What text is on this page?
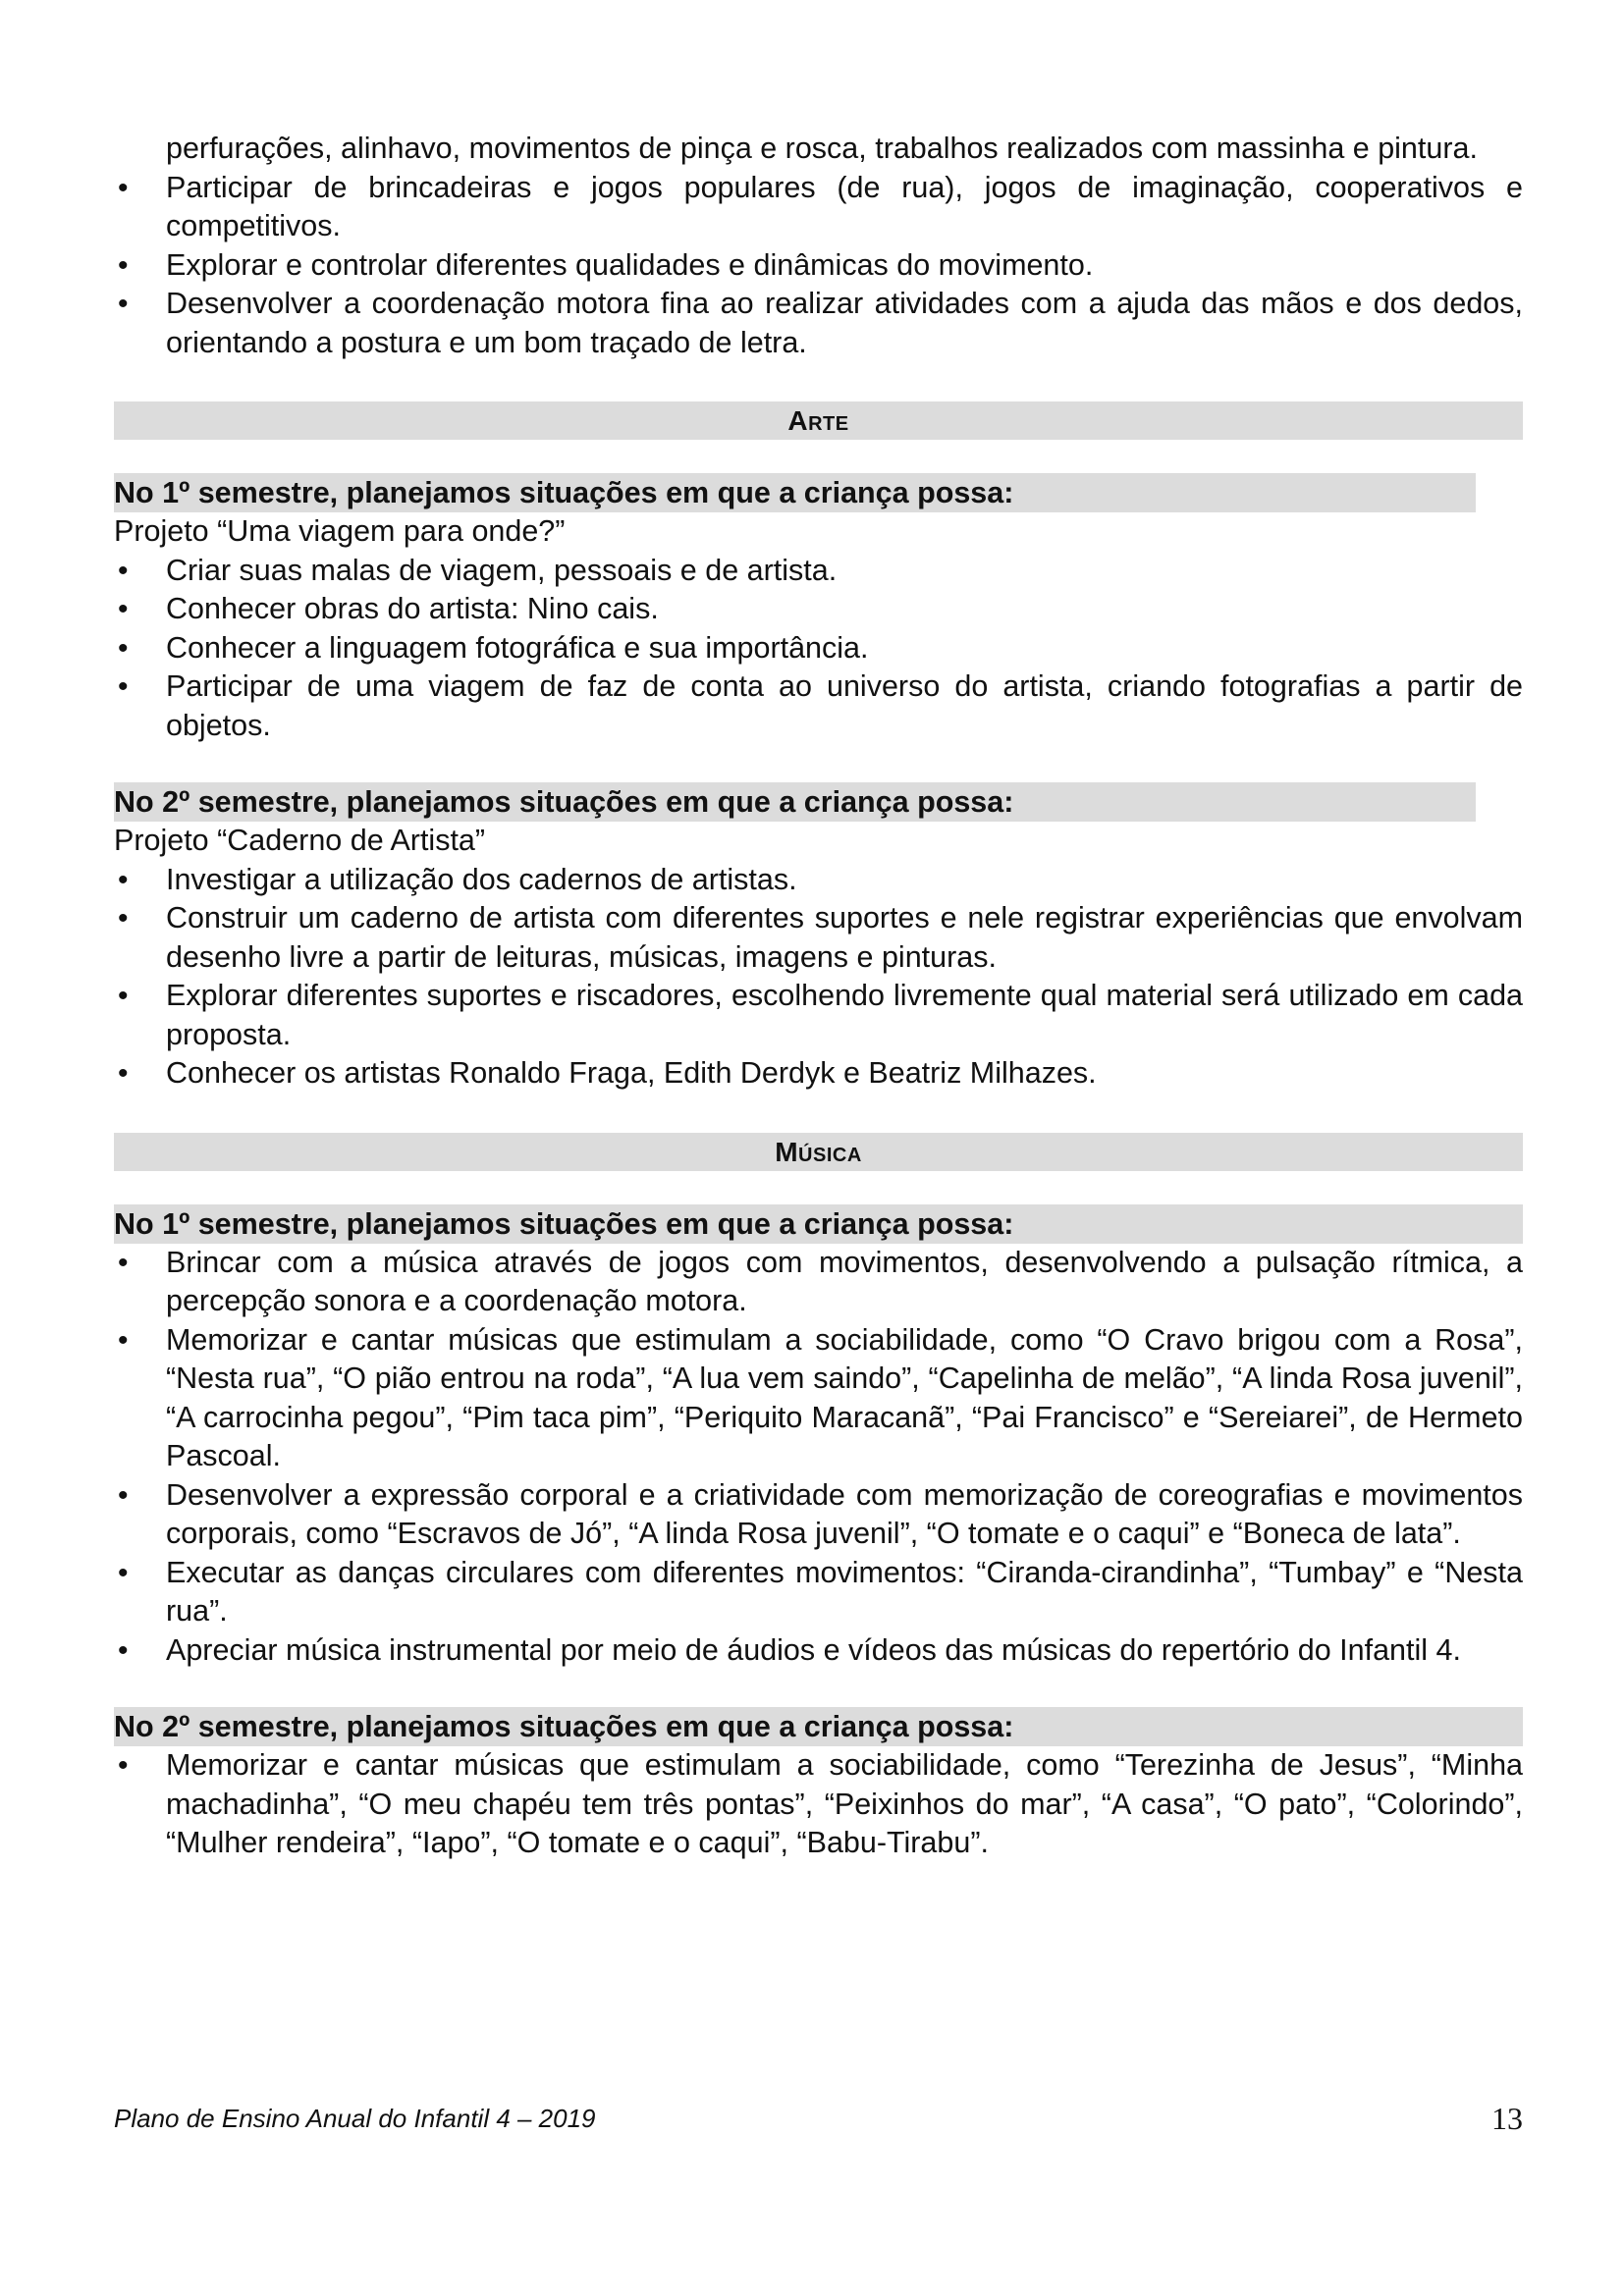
perfurações, alinhavo, movimentos de pinça e rosca, trabalhos realizados com massinha e pintura.
• Participar de brincadeiras e jogos populares (de rua), jogos de imaginação, cooperativos e competitivos.
• Explorar e controlar diferentes qualidades e dinâmicas do movimento.
• Desenvolver a coordenação motora fina ao realizar atividades com a ajuda das mãos e dos dedos, orientando a postura e um bom traçado de letra.
Arte
No 1º semestre, planejamos situações em que a criança possa:
Projeto “Uma viagem para onde?”
• Criar suas malas de viagem, pessoais e de artista.
• Conhecer obras do artista: Nino cais.
• Conhecer a linguagem fotográfica e sua importância.
• Participar de uma viagem de faz de conta ao universo do artista, criando fotografias a partir de objetos.
No 2º semestre, planejamos situações em que a criança possa:
Projeto “Caderno de Artista”
• Investigar a utilização dos cadernos de artistas.
• Construir um caderno de artista com diferentes suportes e nele registrar experiências que envolvam desenho livre a partir de leituras, músicas, imagens e pinturas.
• Explorar diferentes suportes e riscadores, escolhendo livremente qual material será utilizado em cada proposta.
• Conhecer os artistas Ronaldo Fraga, Edith Derdyk e Beatriz Milhazes.
Música
No 1º semestre, planejamos situações em que a criança possa:
• Brincar com a música através de jogos com movimentos, desenvolvendo a pulsação rítmica, a percepção sonora e a coordenação motora.
• Memorizar e cantar músicas que estimulam a sociabilidade, como “O Cravo brigou com a Rosa”, “Nesta rua”, “O pião entrou na roda”, “A lua vem saindo”, “Capelinha de melão”, “A linda Rosa juvenil”, “A carrocinha pegou”, “Pim taca pim”, “Periquito Maracanã”, “Pai Francisco” e “Sereiarei”, de Hermeto Pascoal.
• Desenvolver a expressão corporal e a criatividade com memorização de coreografias e movimentos corporais, como “Escravos de Jó”, “A linda Rosa juvenil”, “O tomate e o caqui” e “Boneca de lata”.
• Executar as danças circulares com diferentes movimentos: “Ciranda-cirandinha”, “Tumbay” e “Nesta rua”.
• Apreciar música instrumental por meio de áudios e vídeos das músicas do repertório do Infantil 4.
No 2º semestre, planejamos situações em que a criança possa:
• Memorizar e cantar músicas que estimulam a sociabilidade, como “Terezinha de Jesus”, “Minha machadinha”, “O meu chapéu tem três pontas”, “Peixinhos do mar”, “A casa”, “O pato”, “Colorindo”, “Mulher rendeira”, “Iapo”, “O tomate e o caqui”, “Babu-Tirabu”.
Plano de Ensino Anual do Infantil 4 – 2019	13
